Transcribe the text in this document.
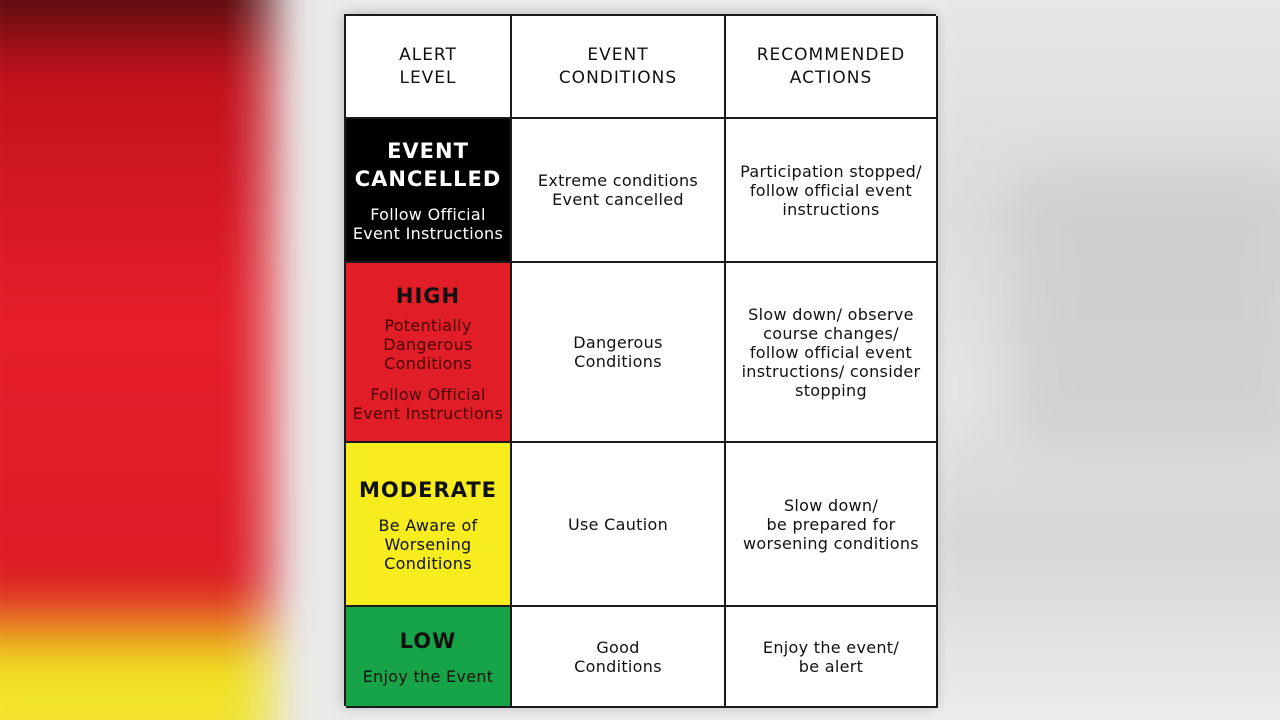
ALERT
LEVEL
EVENT
CONDITIONS
RECOMMENDED
ACTIONS
EVENT
CANCELLED
Follow Official
Event Instructions
Extreme conditions
Event cancelled
Participation stopped/
follow official event
instructions
HIGH
Potentially
Dangerous
Conditions
Follow Official
Event Instructions
Dangerous
Conditions
Slow down/ observe
course changes/
follow official event
instructions/ consider
stopping
MODERATE
Be Aware of
Worsening
Conditions
Use Caution
Slow down/
be prepared for
worsening conditions
LOW
Enjoy the Event
Good
Conditions
Enjoy the event/
be alert
